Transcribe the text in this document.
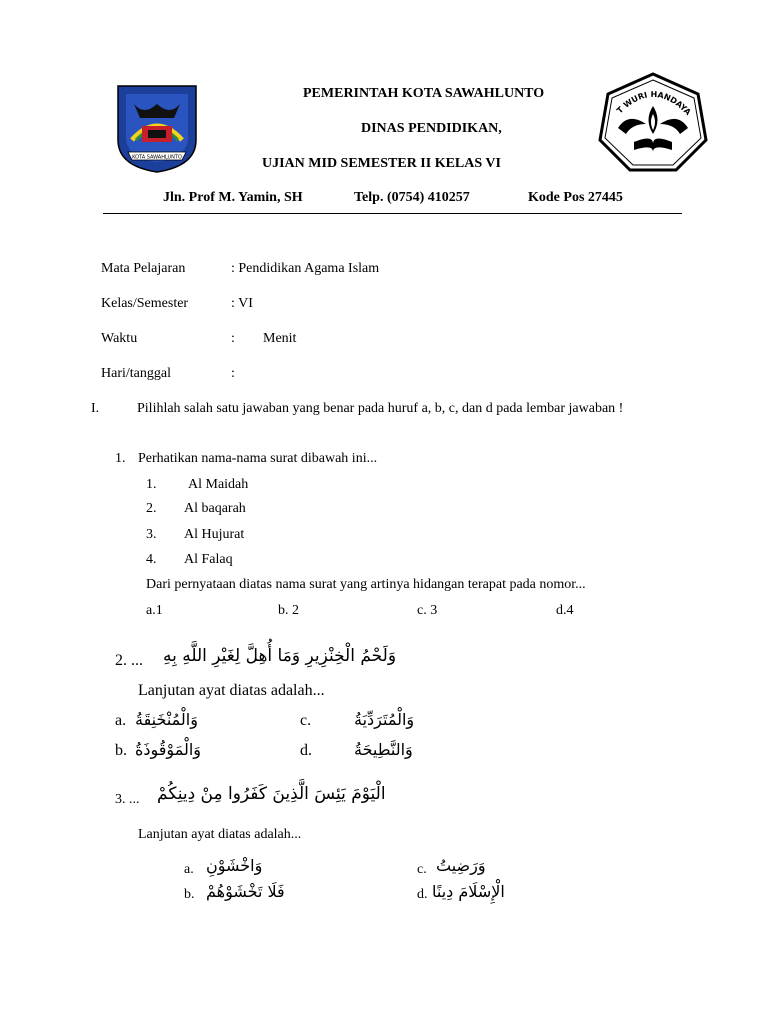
KOTA SAWAHLUNTO
T WURI HANDAYA
PEMERINTAH KOTA SAWAHLUNTO
DINAS PENDIDIKAN,
UJIAN MID SEMESTER II KELAS VI
Jln. Prof M. Yamin, SH	Telp. (0754) 410257	Kode Pos 27445
Mata Pelajaran	: Pendidikan Agama Islam
Kelas/Semester	: VI
Waktu	: Menit
Hari/tanggal	:
I.	Pilihlah salah satu jawaban yang benar pada huruf a, b, c, dan d pada lembar jawaban !
1. Perhatikan nama-nama surat dibawah ini...
1. Al Maidah
2. Al baqarah
3. Al Hujurat
4. Al Falaq
Dari pernyataan diatas nama surat yang artinya hidangan terapat pada nomor...
a.1	b. 2	c. 3	d.4
2. ... وَلَحْمُ الْخِنْزِيرِ وَمَا أُهِلَّ لِغَيْرِ اللَّهِ بِهِ
Lanjutan ayat diatas adalah...
a. وَالْمُنْخَنِقَةُ	c.	وَالْمُتَرَدِّيَةُ
b. وَالْمَوْقُوذَةُ	d.	وَالنَّطِيحَةُ
3. ... الْيَوْمَ يَئِسَ الَّذِينَ كَفَرُوا مِنْ دِينِكُمْ
Lanjutan ayat diatas adalah...
a. وَاخْشَوْنِ	c. وَرَضِيتُ
b. فَلَا تَخْشَوْهُمْ	d. الْإِسْلَامَ دِينًا
